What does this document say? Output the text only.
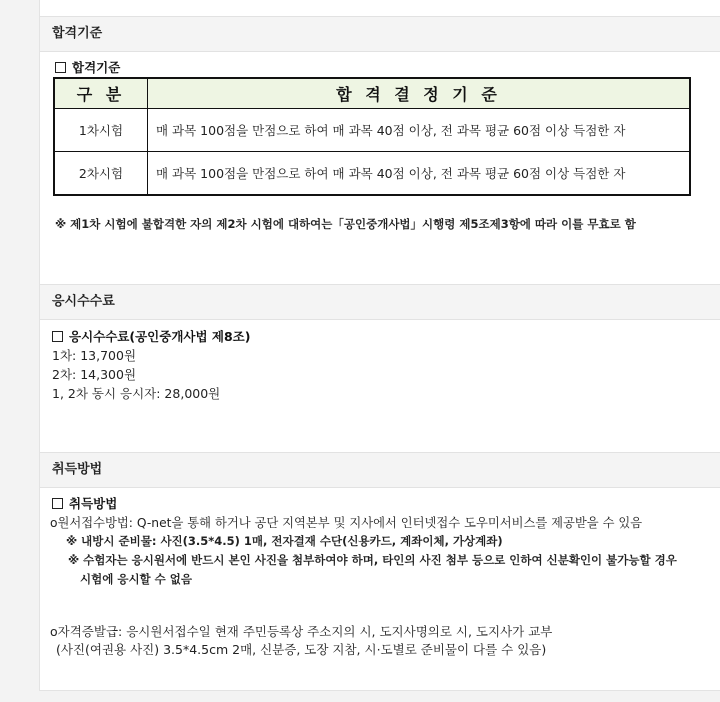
합격기준
합격기준
구 분	합 격 결 정 기 준
1차시험	매 과목 100점을 만점으로 하여 매 과목 40점 이상, 전 과목 평균 60점 이상 득점한 자
2차시험	매 과목 100점을 만점으로 하여 매 과목 40점 이상, 전 과목 평균 60점 이상 득점한 자
※ 제1차 시험에 불합격한 자의 제2차 시험에 대하여는「공인중개사법」시행령 제5조제3항에 따라 이를 무효로 함
응시수수료
응시수수료(공인중개사법 제8조)
1차: 13,700원
2차: 14,300원
1, 2차 동시 응시자: 28,000원
취득방법
취득방법
o원서접수방법: Q-net을 통해 하거나 공단 지역본부 및 지사에서 인터넷접수 도우미서비스를 제공받을 수 있음
※ 내방시 준비물: 사진(3.5*4.5) 1매, 전자결재 수단(신용카드, 계좌이체, 가상계좌)
※ 수험자는 응시원서에 반드시 본인 사진을 첨부하여야 하며, 타인의 사진 첨부 등으로 인하여 신분확인이 불가능할 경우
시험에 응시할 수 없음
o자격증발급: 응시원서접수일 현재 주민등록상 주소지의 시, 도지사명의로 시, 도지사가 교부
(사진(여권용 사진) 3.5*4.5cm 2매, 신분증, 도장 지참, 시·도별로 준비물이 다를 수 있음)
